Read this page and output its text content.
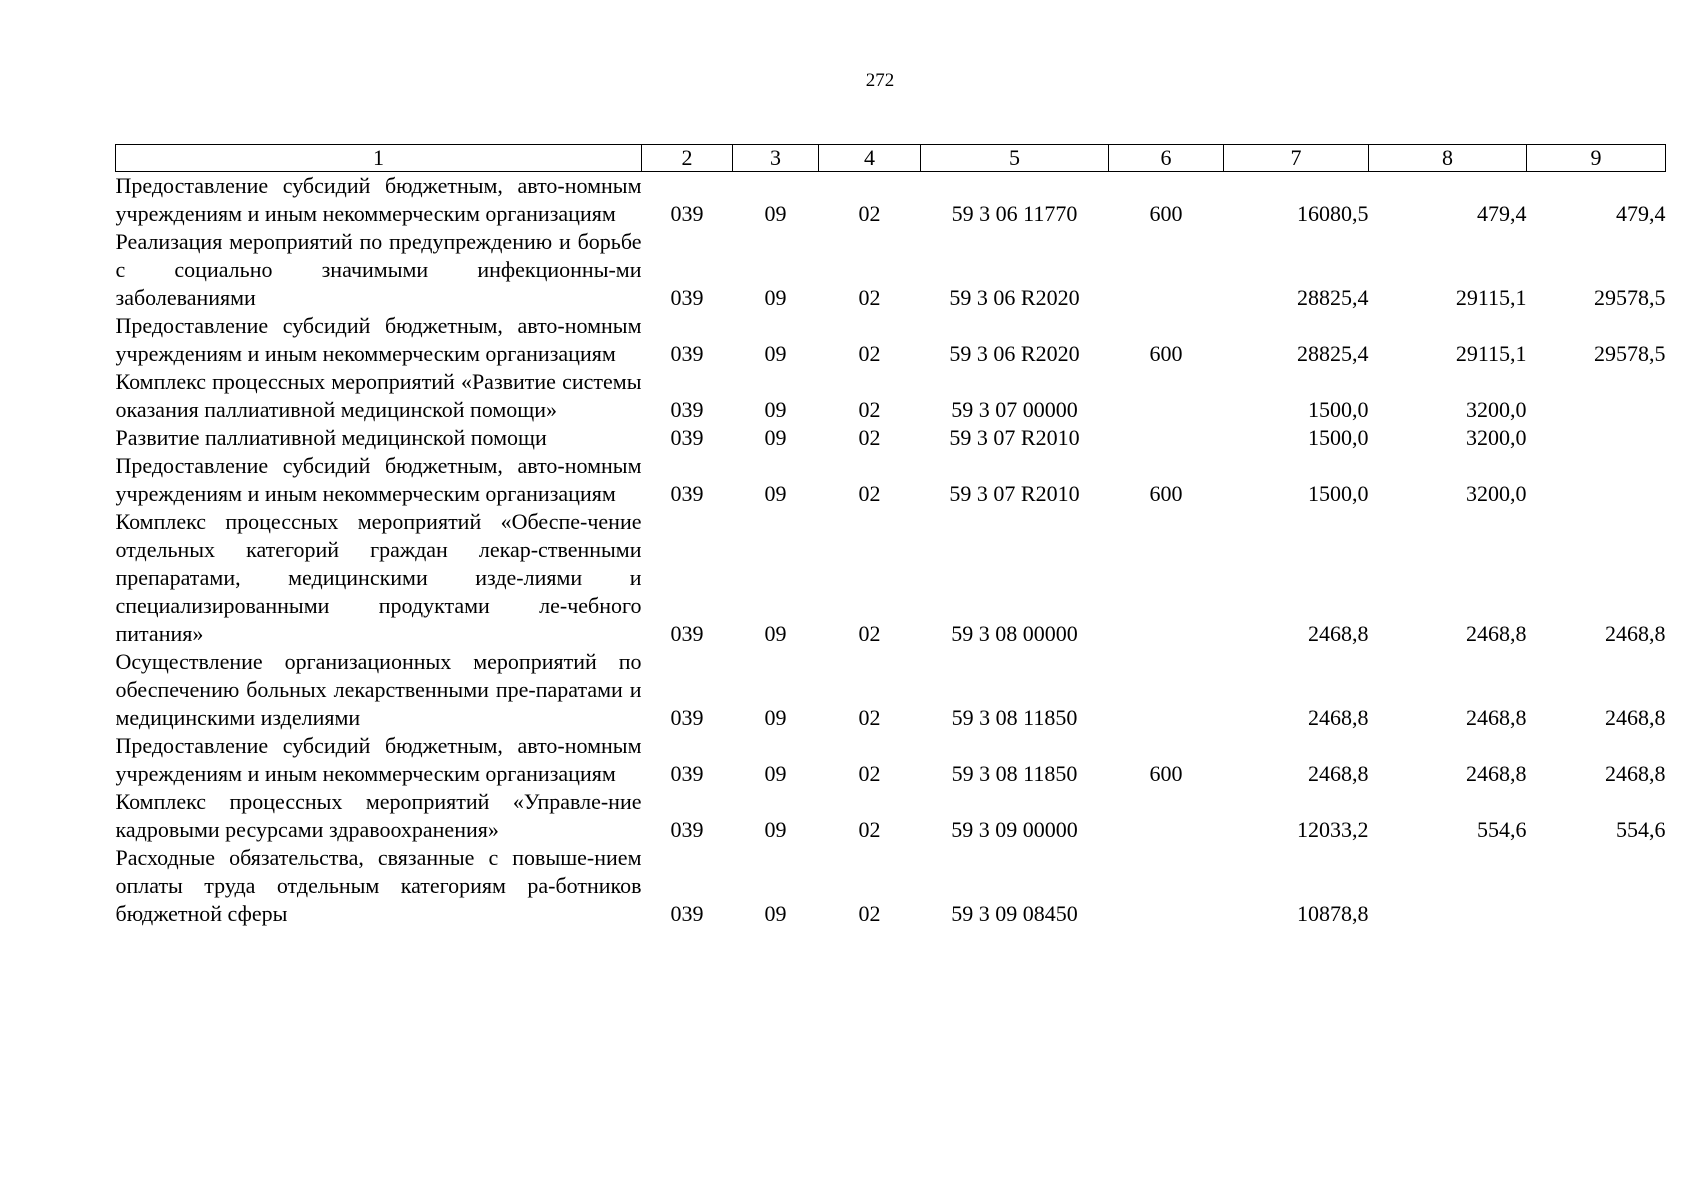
272
1	2	3	4	5	6	7	8	9
Предоставление субсидий бюджетным, авто-номным учреждениям и иным некоммерческим организациям	039	09	02	59 3 06 11770	600	16080,5	479,4	479,4
Реализация мероприятий по предупреждению и борьбе с социально значимыми инфекционны-ми заболеваниями	039	09	02	59 3 06 R2020		28825,4	29115,1	29578,5
Предоставление субсидий бюджетным, авто-номным учреждениям и иным некоммерческим организациям	039	09	02	59 3 06 R2020	600	28825,4	29115,1	29578,5
Комплекс процессных мероприятий «Развитие системы оказания паллиативной медицинской помощи»	039	09	02	59 3 07 00000		1500,0	3200,0	
Развитие паллиативной медицинской помощи	039	09	02	59 3 07 R2010		1500,0	3200,0	
Предоставление субсидий бюджетным, авто-номным учреждениям и иным некоммерческим организациям	039	09	02	59 3 07 R2010	600	1500,0	3200,0	
Комплекс процессных мероприятий «Обеспе-чение отдельных категорий граждан лекар-ственными препаратами, медицинскими изде-лиями и специализированными продуктами ле-чебного питания»	039	09	02	59 3 08 00000		2468,8	2468,8	2468,8
Осуществление организационных мероприятий по обеспечению больных лекарственными пре-паратами и медицинскими изделиями	039	09	02	59 3 08 11850		2468,8	2468,8	2468,8
Предоставление субсидий бюджетным, авто-номным учреждениям и иным некоммерческим организациям	039	09	02	59 3 08 11850	600	2468,8	2468,8	2468,8
Комплекс процессных мероприятий «Управле-ние кадровыми ресурсами здравоохранения»	039	09	02	59 3 09 00000		12033,2	554,6	554,6
Расходные обязательства, связанные с повыше-нием оплаты труда отдельным категориям ра-ботников бюджетной сферы	039	09	02	59 3 09 08450		10878,8		
